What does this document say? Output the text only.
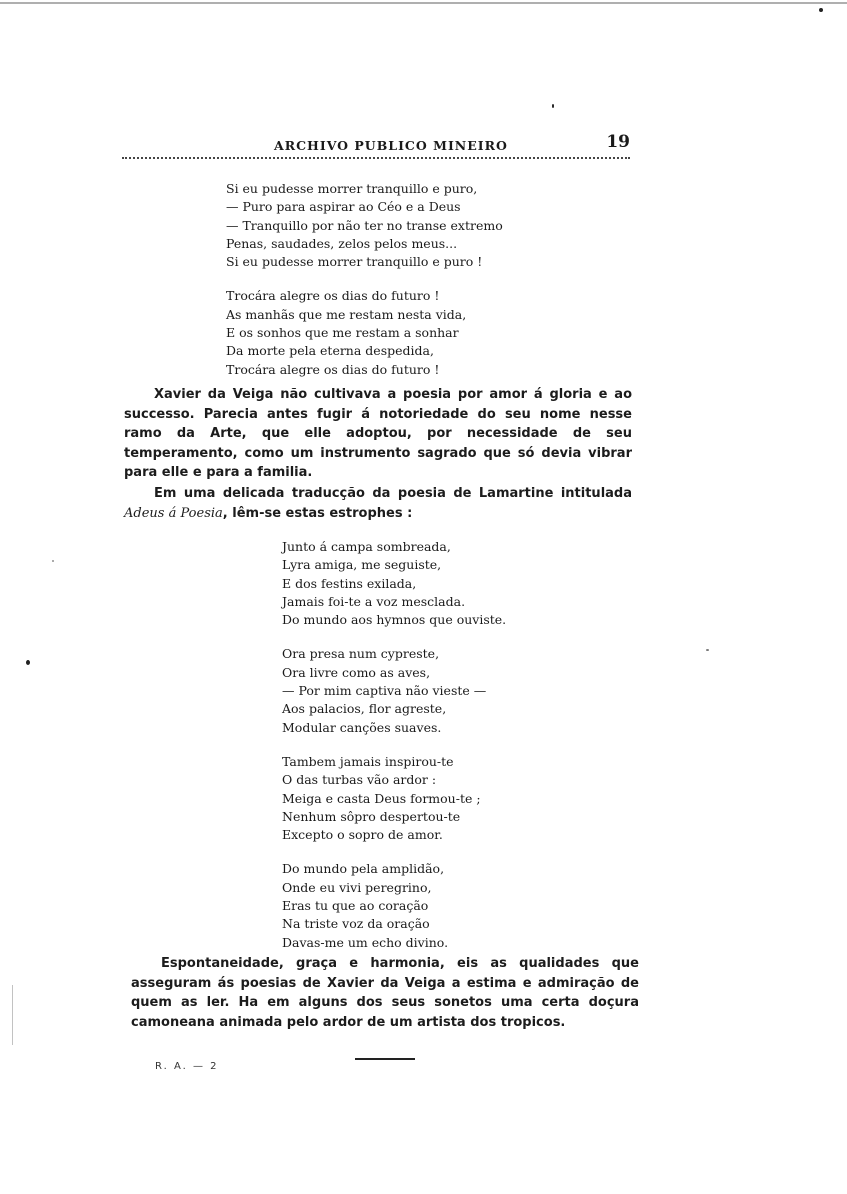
ARCHIVO PUBLICO MINEIRO	19
Si eu pudesse morrer tranquillo e puro,
— Puro para aspirar ao Céo e a Deus
— Tranquillo por não ter no transe extremo
Penas, saudades, zelos pelos meus...
Si eu pudesse morrer tranquillo e puro !
Trocára alegre os dias do futuro !
As manhãs que me restam nesta vida,
E os sonhos que me restam a sonhar
Da morte pela eterna despedida,
Trocára alegre os dias do futuro !

Xavier da Veiga não cultivava a poesia por amor á gloria e ao successo. Parecia antes fugir á notoriedade do seu nome nesse ramo da Arte, que elle adoptou, por necessidade de seu temperamento, como um instrumento sagrado que só devia vibrar para elle e para a familia.

Em uma delicada traducção da poesia de Lamartine intitulada Adeus á Poesia, lêm-se estas estrophes :
Junto á campa sombreada,
Lyra amiga, me seguiste,
E dos festins exilada,
Jamais foi-te a voz mesclada.
Do mundo aos hymnos que ouviste.
Ora presa num cypreste,
Ora livre como as aves,
— Por mim captiva não vieste —
Aos palacios, flor agreste,
Modular canções suaves.
Tambem jamais inspirou-te
O das turbas vão ardor :
Meiga e casta Deus formou-te ;
Nenhum sôpro despertou-te
Excepto o sopro de amor.
Do mundo pela amplidão,
Onde eu vivi peregrino,
Eras tu que ao coração
Na triste voz da oração
Davas-me um echo divino.
Espontaneidade, graça e harmonia, eis as qualidades que asseguram ás poesias de Xavier da Veiga a estima e admiração de quem as ler. Ha em alguns dos seus sonetos uma certa doçura camoneana animada pelo ardor de um artista dos tropicos.
R. A. — 2
